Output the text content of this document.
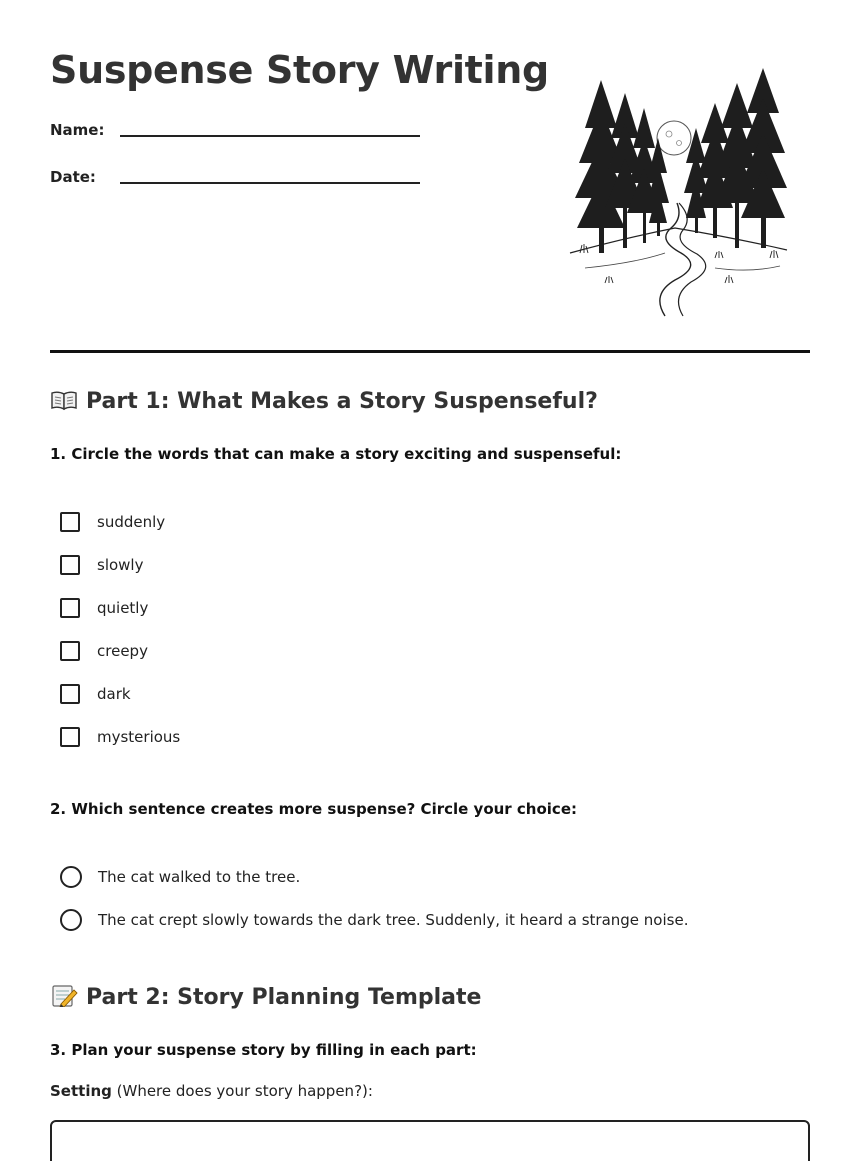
Suspense Story Writing
Name:
Date:
Part 1: What Makes a Story Suspenseful?

1. Circle the words that can make a story exciting and suspenseful:

suddenly
slowly
quietly
creepy
dark
mysterious

2. Which sentence creates more suspense? Circle your choice:

The cat walked to the tree.
The cat crept slowly towards the dark tree. Suddenly, it heard a strange noise.
Part 2: Story Planning Template

3. Plan your suspense story by filling in each part:

Setting (Where does your story happen?):
